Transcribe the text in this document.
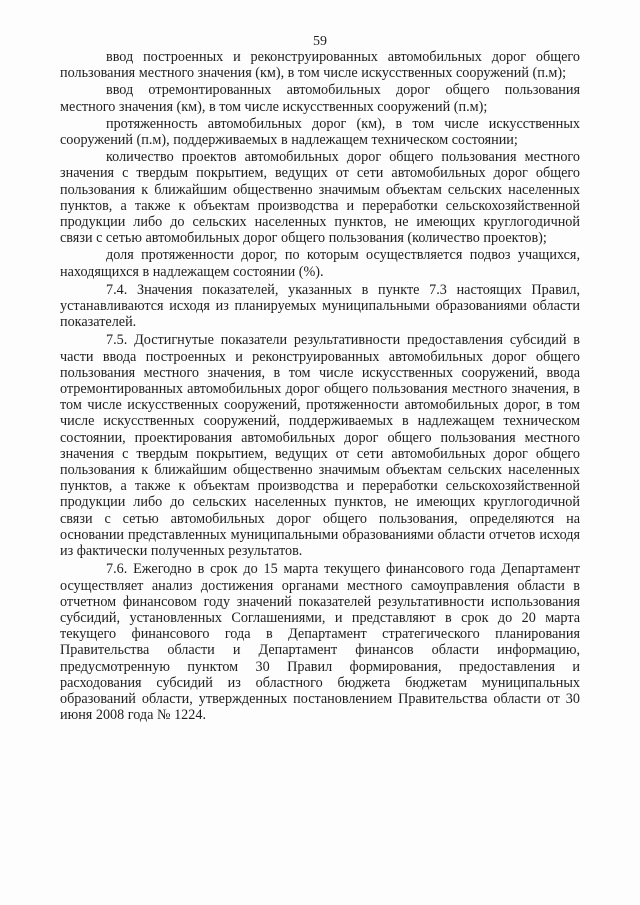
59

ввод построенных и реконструированных автомобильных дорог общего пользования местного значения (км), в том числе искусственных сооружений (п.м);

ввод отремонтированных автомобильных дорог общего пользования местного значения (км), в том числе искусственных сооружений (п.м);

протяженность автомобильных дорог (км), в том числе искусственных сооружений (п.м), поддерживаемых в надлежащем техническом состоянии;

количество проектов автомобильных дорог общего пользования местного значения с твердым покрытием, ведущих от сети автомобильных дорог общего пользования к ближайшим общественно значимым объектам сельских населенных пунктов, а также к объектам производства и переработки сельскохозяйственной продукции либо до сельских населенных пунктов, не имеющих круглогодичной связи с сетью автомобильных дорог общего пользования (количество проектов);

доля протяженности дорог, по которым осуществляется подвоз учащихся, находящихся в надлежащем состоянии (%).

7.4. Значения показателей, указанных в пункте 7.3 настоящих Правил, устанавливаются исходя из планируемых муниципальными образованиями области показателей.

7.5. Достигнутые показатели результативности предоставления субсидий в части ввода построенных и реконструированных автомобильных дорог общего пользования местного значения, в том числе искусственных сооружений, ввода отремонтированных автомобильных дорог общего пользования местного значения, в том числе искусственных сооружений, протяженности автомобильных дорог, в том числе искусственных сооружений, поддерживаемых в надлежащем техническом состоянии, проектирования автомобильных дорог общего пользования местного значения с твердым покрытием, ведущих от сети автомобильных дорог общего пользования к ближайшим общественно значимым объектам сельских населенных пунктов, а также к объектам производства и переработки сельскохозяйственной продукции либо до сельских населенных пунктов, не имеющих круглогодичной связи с сетью автомобильных дорог общего пользования, определяются на основании представленных муниципальными образованиями области отчетов исходя из фактически полученных результатов.

7.6. Ежегодно в срок до 15 марта текущего финансового года Департамент осуществляет анализ достижения органами местного самоуправления области в отчетном финансовом году значений показателей результативности использования субсидий, установленных Соглашениями, и представляют в срок до 20 марта текущего финансового года в Департамент стратегического планирования Правительства области и Департамент финансов области информацию, предусмотренную пунктом 30 Правил формирования, предоставления и расходования субсидий из областного бюджета бюджетам муниципальных образований области, утвержденных постановлением Правительства области от 30 июня 2008 года № 1224.
